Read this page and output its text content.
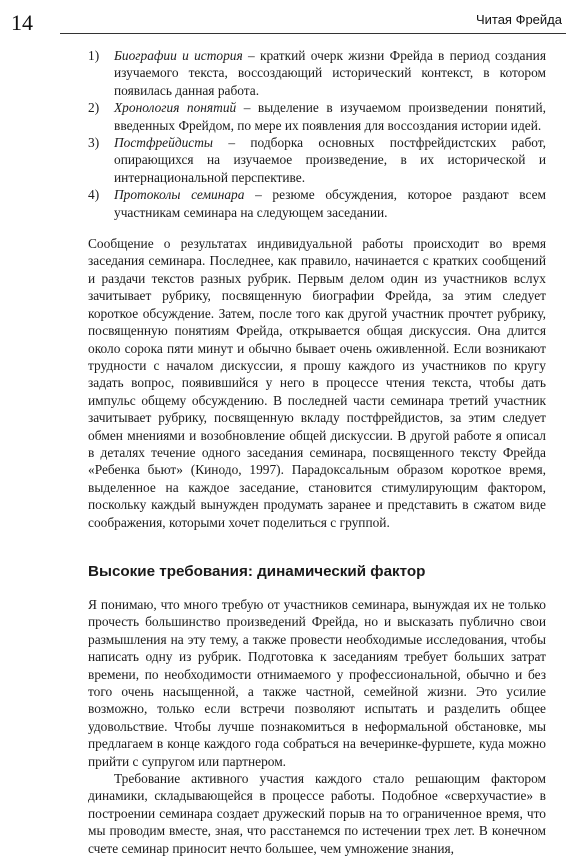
14	Читая Фрейда
1) Биографии и история – краткий очерк жизни Фрейда в период создания изучаемого текста, воссоздающий исторический контекст, в котором появилась данная работа.
2) Хронология понятий – выделение в изучаемом произведении понятий, введенных Фрейдом, по мере их появления для воссоздания истории идей.
3) Постфрейдисты – подборка основных постфрейдистских работ, опирающихся на изучаемое произведение, в их исторической и интернациональной перспективе.
4) Протоколы семинара – резюме обсуждения, которое раздают всем участникам семинара на следующем заседании.

Сообщение о результатах индивидуальной работы происходит во время заседания семинара. Последнее, как правило, начинается с кратких сообщений и раздачи текстов разных рубрик. Первым делом один из участников вслух зачитывает рубрику, посвященную биографии Фрейда, за этим следует короткое обсуждение. Затем, после того как другой участник прочтет рубрику, посвященную понятиям Фрейда, открывается общая дискуссия. Она длится около сорока пяти минут и обычно бывает очень оживленной. Если возникают трудности с началом дискуссии, я прошу каждого из участников по кругу задать вопрос, появившийся у него в процессе чтения текста, чтобы дать импульс общему обсуждению. В последней части семинара третий участник зачитывает рубрику, посвященную вкладу постфрейдистов, за этим следует обмен мнениями и возобновление общей дискуссии. В другой работе я описал в деталях течение одного заседания семинара, посвященного тексту Фрейда «Ребенка бьют» (Кинодо, 1997). Парадоксальным образом короткое время, выделенное на каждое заседание, становится стимулирующим фактором, поскольку каждый вынужден продумать заранее и представить в сжатом виде соображения, которыми хочет поделиться с группой.

Высокие требования: динамический фактор

Я понимаю, что много требую от участников семинара, вынуждая их не только прочесть большинство произведений Фрейда, но и высказать публично свои размышления на эту тему, а также провести необходимые исследования, чтобы написать одну из рубрик. Подготовка к заседаниям требует больших затрат времени, по необходимости отнимаемого у профессиональной, обычно и без того очень насыщенной, а также частной, семейной жизни. Это усилие возможно, только если встречи позволяют испытать и разделить общее удовольствие. Чтобы лучше познакомиться в неформальной обстановке, мы предлагаем в конце каждого года собраться на вечеринке-фуршете, куда можно прийти с супругом или партнером.

Требование активного участия каждого стало решающим фактором динамики, складывающейся в процессе работы. Подобное «сверхучастие» в построении семинара создает дружеский порыв на то ограниченное время, что мы проводим вместе, зная, что расстанемся по истечении трех лет. В конечном счете семинар приносит нечто большее, чем умножение знания,
